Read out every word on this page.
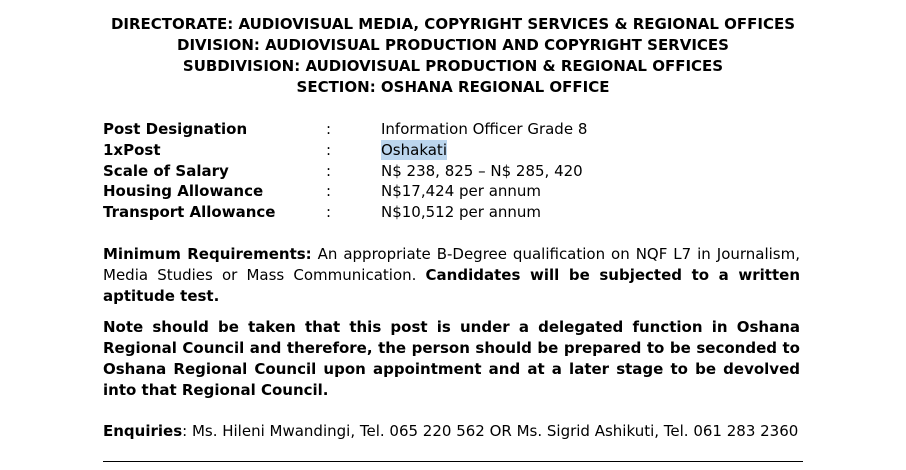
DIRECTORATE: AUDIOVISUAL MEDIA, COPYRIGHT SERVICES & REGIONAL OFFICES
DIVISION: AUDIOVISUAL PRODUCTION AND COPYRIGHT SERVICES
SUBDIVISION: AUDIOVISUAL PRODUCTION & REGIONAL OFFICES
SECTION: OSHANA REGIONAL OFFICE
Post Designation	:	Information Officer Grade 8
1xPost	:	Oshakati
Scale of Salary	:	N$ 238, 825 – N$ 285, 420
Housing Allowance	:	N$17,424 per annum
Transport Allowance	:	N$10,512 per annum
Minimum Requirements: An appropriate B-Degree qualification on NQF L7 in Journalism, Media Studies or Mass Communication. Candidates will be subjected to a written aptitude test.
Note should be taken that this post is under a delegated function in Oshana Regional Council and therefore, the person should be prepared to be seconded to Oshana Regional Council upon appointment and at a later stage to be devolved into that Regional Council.
Enquiries: Ms. Hileni Mwandingi, Tel. 065 220 562 OR Ms. Sigrid Ashikuti, Tel. 061 283 2360
